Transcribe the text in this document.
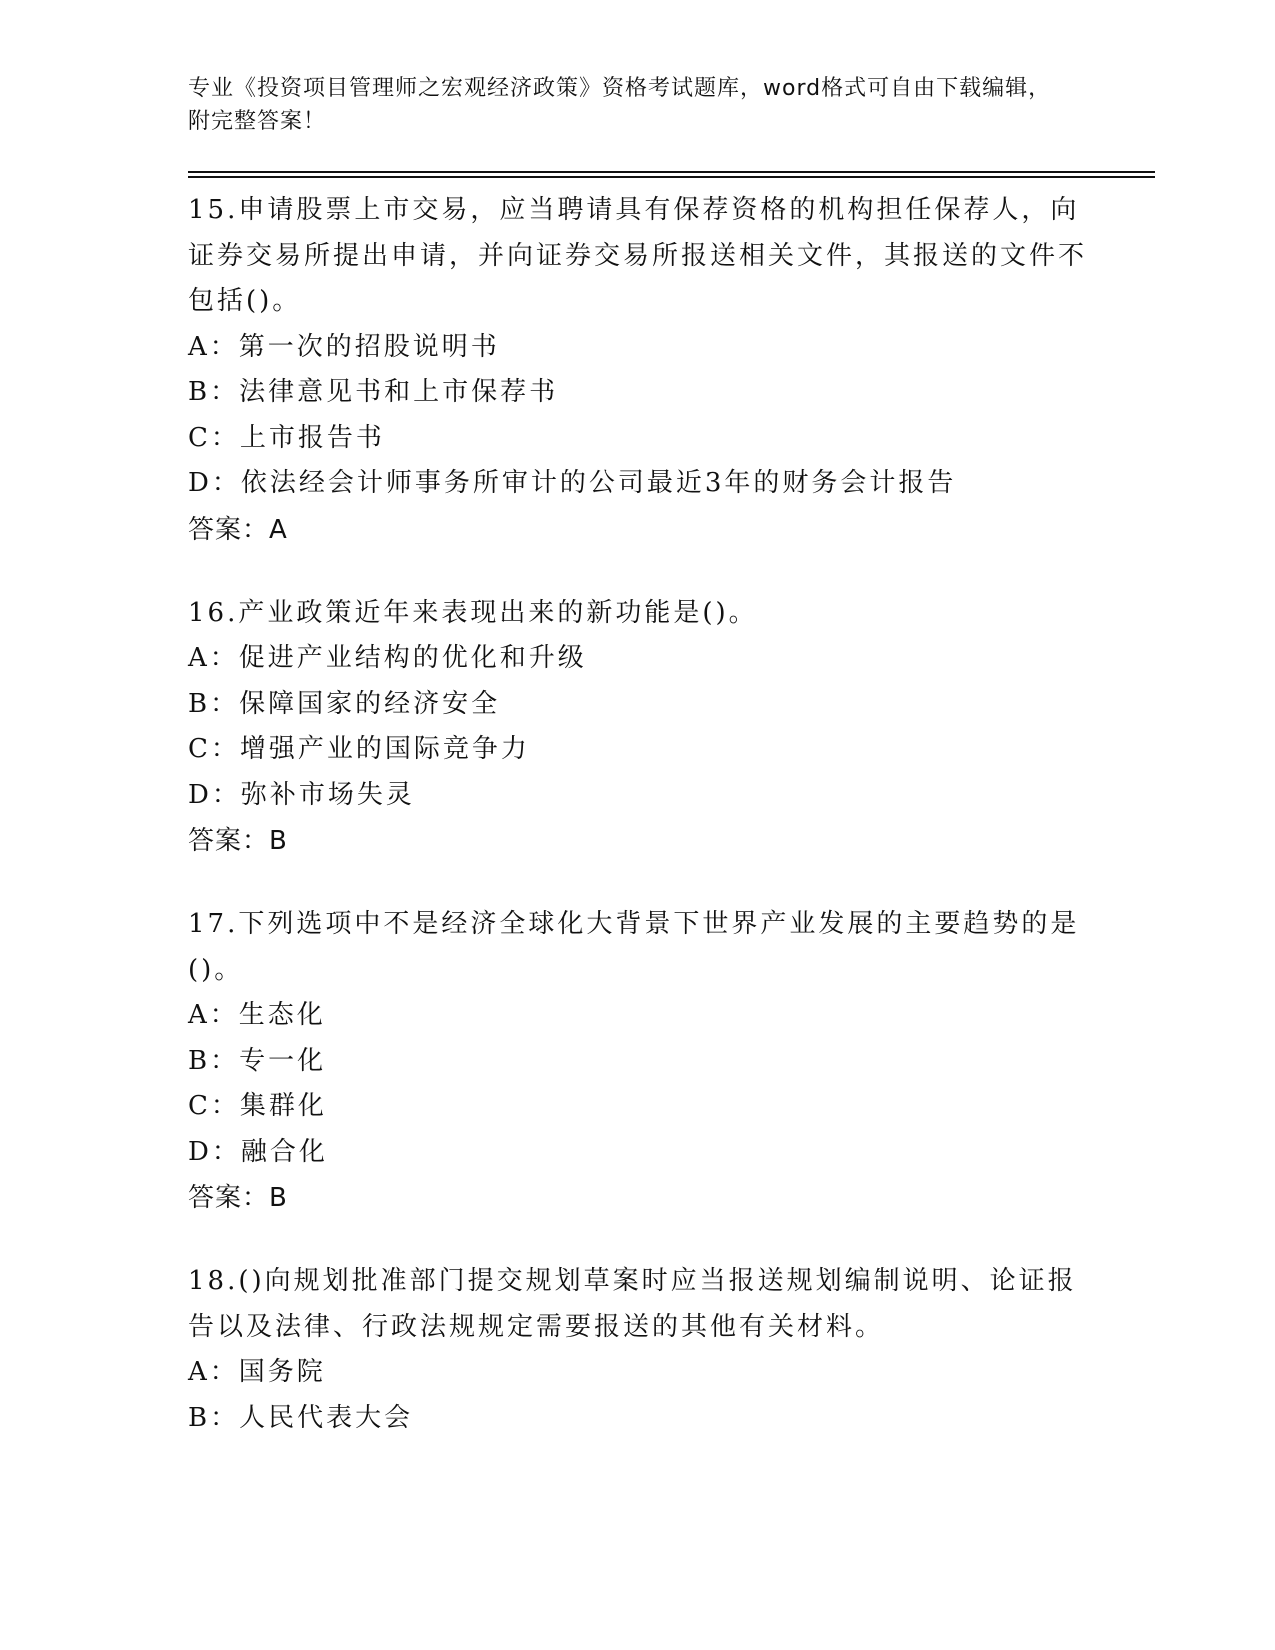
专业《投资项目管理师之宏观经济政策》资格考试题库，word格式可自由下载编辑，附完整答案！
15.申请股票上市交易，应当聘请具有保荐资格的机构担任保荐人，向证券交易所提出申请，并向证券交易所报送相关文件，其报送的文件不包括()。
A：第一次的招股说明书
B：法律意见书和上市保荐书
C：上市报告书
D：依法经会计师事务所审计的公司最近3年的财务会计报告
答案：A
16.产业政策近年来表现出来的新功能是()。
A：促进产业结构的优化和升级
B：保障国家的经济安全
C：增强产业的国际竞争力
D：弥补市场失灵
答案：B
17.下列选项中不是经济全球化大背景下世界产业发展的主要趋势的是()。
A：生态化
B：专一化
C：集群化
D：融合化
答案：B
18.()向规划批准部门提交规划草案时应当报送规划编制说明、论证报告以及法律、行政法规规定需要报送的其他有关材料。
A：国务院
B：人民代表大会
